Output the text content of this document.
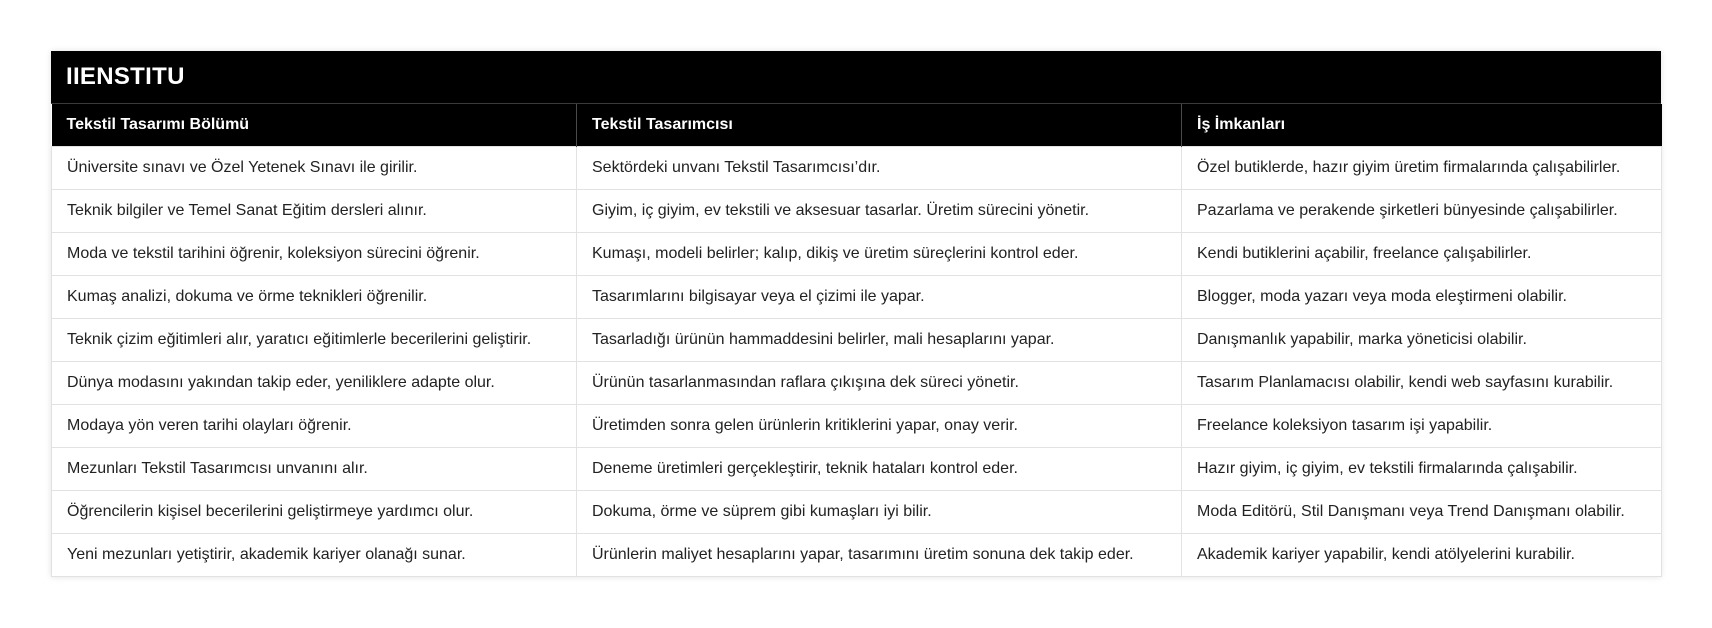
IIENSTITU
Tekstil Tasarımı Bölümü	Tekstil Tasarımcısı	İş İmkanları
Üniversite sınavı ve Özel Yetenek Sınavı ile girilir.	Sektördeki unvanı Tekstil Tasarımcısı’dır.	Özel butiklerde, hazır giyim üretim firmalarında çalışabilirler.
Teknik bilgiler ve Temel Sanat Eğitim dersleri alınır.	Giyim, iç giyim, ev tekstili ve aksesuar tasarlar. Üretim sürecini yönetir.	Pazarlama ve perakende şirketleri bünyesinde çalışabilirler.
Moda ve tekstil tarihini öğrenir, koleksiyon sürecini öğrenir.	Kumaşı, modeli belirler; kalıp, dikiş ve üretim süreçlerini kontrol eder.	Kendi butiklerini açabilir, freelance çalışabilirler.
Kumaş analizi, dokuma ve örme teknikleri öğrenilir.	Tasarımlarını bilgisayar veya el çizimi ile yapar.	Blogger, moda yazarı veya moda eleştirmeni olabilir.
Teknik çizim eğitimleri alır, yaratıcı eğitimlerle becerilerini geliştirir.	Tasarladığı ürünün hammaddesini belirler, mali hesaplarını yapar.	Danışmanlık yapabilir, marka yöneticisi olabilir.
Dünya modasını yakından takip eder, yeniliklere adapte olur.	Ürünün tasarlanmasından raflara çıkışına dek süreci yönetir.	Tasarım Planlamacısı olabilir, kendi web sayfasını kurabilir.
Modaya yön veren tarihi olayları öğrenir.	Üretimden sonra gelen ürünlerin kritiklerini yapar, onay verir.	Freelance koleksiyon tasarım işi yapabilir.
Mezunları Tekstil Tasarımcısı unvanını alır.	Deneme üretimleri gerçekleştirir, teknik hataları kontrol eder.	Hazır giyim, iç giyim, ev tekstili firmalarında çalışabilir.
Öğrencilerin kişisel becerilerini geliştirmeye yardımcı olur.	Dokuma, örme ve süprem gibi kumaşları iyi bilir.	Moda Editörü, Stil Danışmanı veya Trend Danışmanı olabilir.
Yeni mezunları yetiştirir, akademik kariyer olanağı sunar.	Ürünlerin maliyet hesaplarını yapar, tasarımını üretim sonuna dek takip eder.	Akademik kariyer yapabilir, kendi atölyelerini kurabilir.
